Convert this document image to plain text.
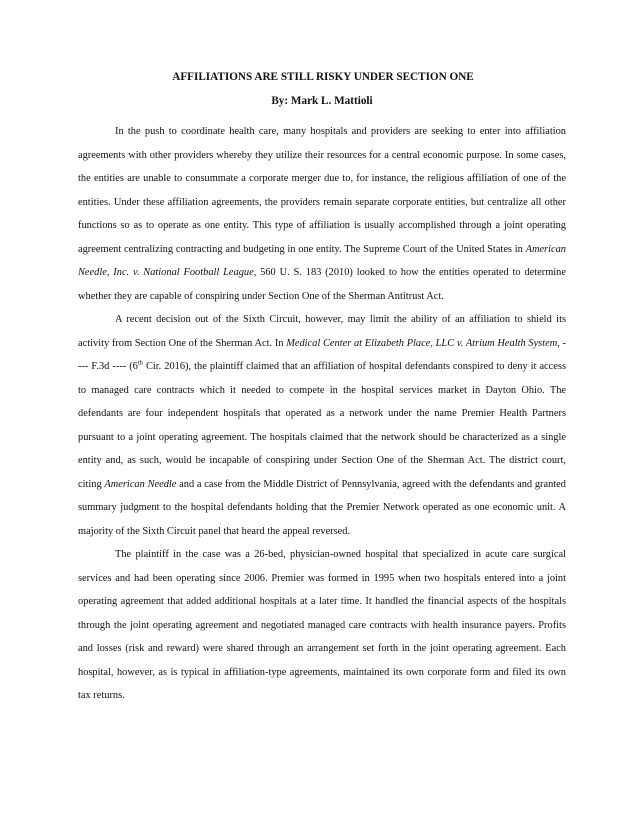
AFFILIATIONS ARE STILL RISKY UNDER SECTION ONE
By: Mark L. Mattioli

In the push to coordinate health care, many hospitals and providers are seeking to enter into affiliation agreements with other providers whereby they utilize their resources for a central economic purpose. In some cases, the entities are unable to consummate a corporate merger due to, for instance, the religious affiliation of one of the entities. Under these affiliation agreements, the providers remain separate corporate entities, but centralize all other functions so as to operate as one entity. This type of affiliation is usually accomplished through a joint operating agreement centralizing contracting and budgeting in one entity. The Supreme Court of the United States in American Needle, Inc. v. National Football League, 560 U. S. 183 (2010) looked to how the entities operated to determine whether they are capable of conspiring under Section One of the Sherman Antitrust Act.

A recent decision out of the Sixth Circuit, however, may limit the ability of an affiliation to shield its activity from Section One of the Sherman Act. In Medical Center at Elizabeth Place, LLC v. Atrium Health System, ---- F.3d ---- (6th Cir. 2016), the plaintiff claimed that an affiliation of hospital defendants conspired to deny it access to managed care contracts which it needed to compete in the hospital services market in Dayton Ohio. The defendants are four independent hospitals that operated as a network under the name Premier Health Partners pursuant to a joint operating agreement. The hospitals claimed that the network should be characterized as a single entity and, as such, would be incapable of conspiring under Section One of the Sherman Act. The district court, citing American Needle and a case from the Middle District of Pennsylvania, agreed with the defendants and granted summary judgment to the hospital defendants holding that the Premier Network operated as one economic unit. A majority of the Sixth Circuit panel that heard the appeal reversed.

The plaintiff in the case was a 26-bed, physician-owned hospital that specialized in acute care surgical services and had been operating since 2006. Premier was formed in 1995 when two hospitals entered into a joint operating agreement that added additional hospitals at a later time. It handled the financial aspects of the hospitals through the joint operating agreement and negotiated managed care contracts with health insurance payers. Profits and losses (risk and reward) were shared through an arrangement set forth in the joint operating agreement. Each hospital, however, as is typical in affiliation-type agreements, maintained its own corporate form and filed its own tax returns.
